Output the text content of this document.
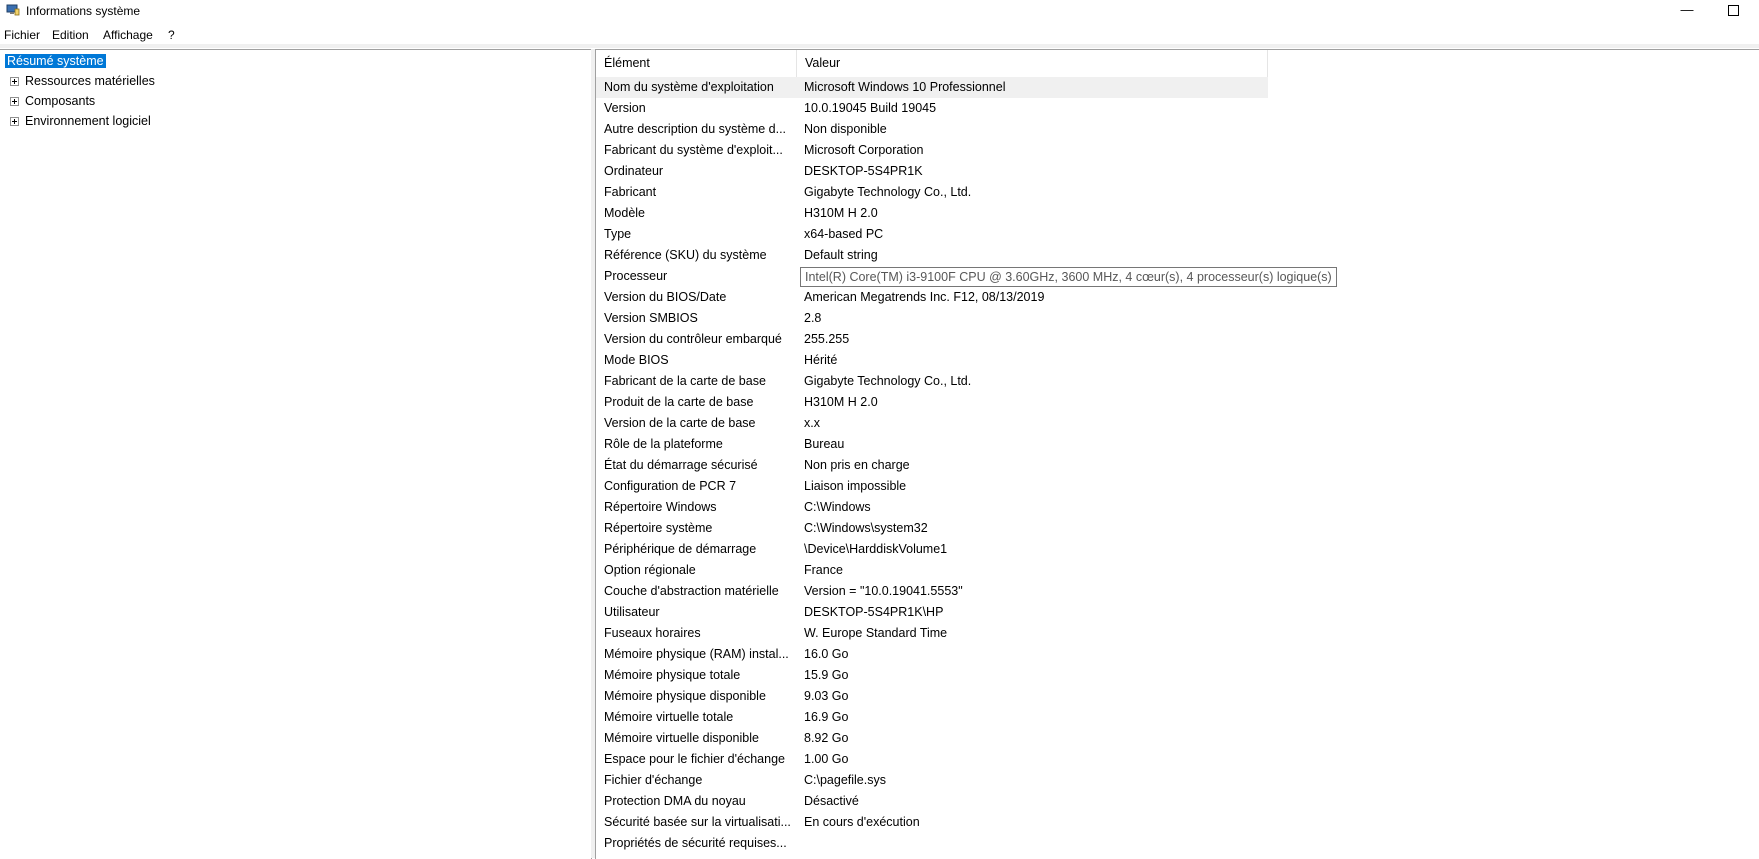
Informations système	—
Fichier Edition Affichage ?
Résumé système
Ressources matérielles
Composants
Environnement logiciel
Élément	Valeur
Nom du système d'exploitation	Microsoft Windows 10 Professionnel
Version	10.0.19045 Build 19045
Autre description du système d...	Non disponible
Fabricant du système d'exploit...	Microsoft Corporation
Ordinateur	DESKTOP-5S4PR1K
Fabricant	Gigabyte Technology Co., Ltd.
Modèle	H310M H 2.0
Type	x64-based PC
Référence (SKU) du système	Default string
Processeur	Intel(R) Core(TM) i3-9100F CPU @ 3.60GHz, 3600 MHz, 4 cœur(s), 4 processeur(s) logique(s)
Version du BIOS/Date	American Megatrends Inc. F12, 08/13/2019
Version SMBIOS	2.8
Version du contrôleur embarqué	255.255
Mode BIOS	Hérité
Fabricant de la carte de base	Gigabyte Technology Co., Ltd.
Produit de la carte de base	H310M H 2.0
Version de la carte de base	x.x
Rôle de la plateforme	Bureau
État du démarrage sécurisé	Non pris en charge
Configuration de PCR 7	Liaison impossible
Répertoire Windows	C:\Windows
Répertoire système	C:\Windows\system32
Périphérique de démarrage	\Device\HarddiskVolume1
Option régionale	France
Couche d'abstraction matérielle	Version = "10.0.19041.5553"
Utilisateur	DESKTOP-5S4PR1K\HP
Fuseaux horaires	W. Europe Standard Time
Mémoire physique (RAM) instal...	16.0 Go
Mémoire physique totale	15.9 Go
Mémoire physique disponible	9.03 Go
Mémoire virtuelle totale	16.9 Go
Mémoire virtuelle disponible	8.92 Go
Espace pour le fichier d'échange	1.00 Go
Fichier d'échange	C:\pagefile.sys
Protection DMA du noyau	Désactivé
Sécurité basée sur la virtualisati...	En cours d'exécution
Propriétés de sécurité requises...
